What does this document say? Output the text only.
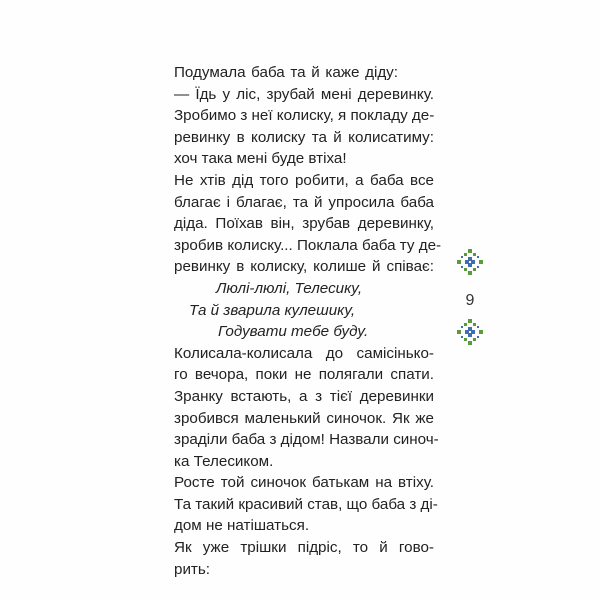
Подумала баба та й каже діду:
— Їдь у ліс, зрубай мені деревинку.
Зробимо з неї колиску, я покладу де-
ревинку в колиску та й колисатиму:
хоч така мені буде втіха!
Не хтів дід того робити, а баба все
благає і благає, та й упросила баба
діда. Поїхав він, зрубав деревинку,
зробив колиску... Поклала баба ту де-
ревинку в колиску, колише й співає:
Люлі-люлі, Телесику,
Та й зварила кулешику,
Годувати тебе буду.
Колисала-колисала до самісінько-
го вечора, поки не полягали спати.
Зранку встають, а з тієї деревинки
зробився маленький синочок. Як же
зраділи баба з дідом! Назвали синоч-
ка Телесиком.
Росте той синочок батькам на втіху.
Та такий красивий став, що баба з ді-
дом не натішаться.
Як уже трішки підріс, то й гово-
рить:
9
